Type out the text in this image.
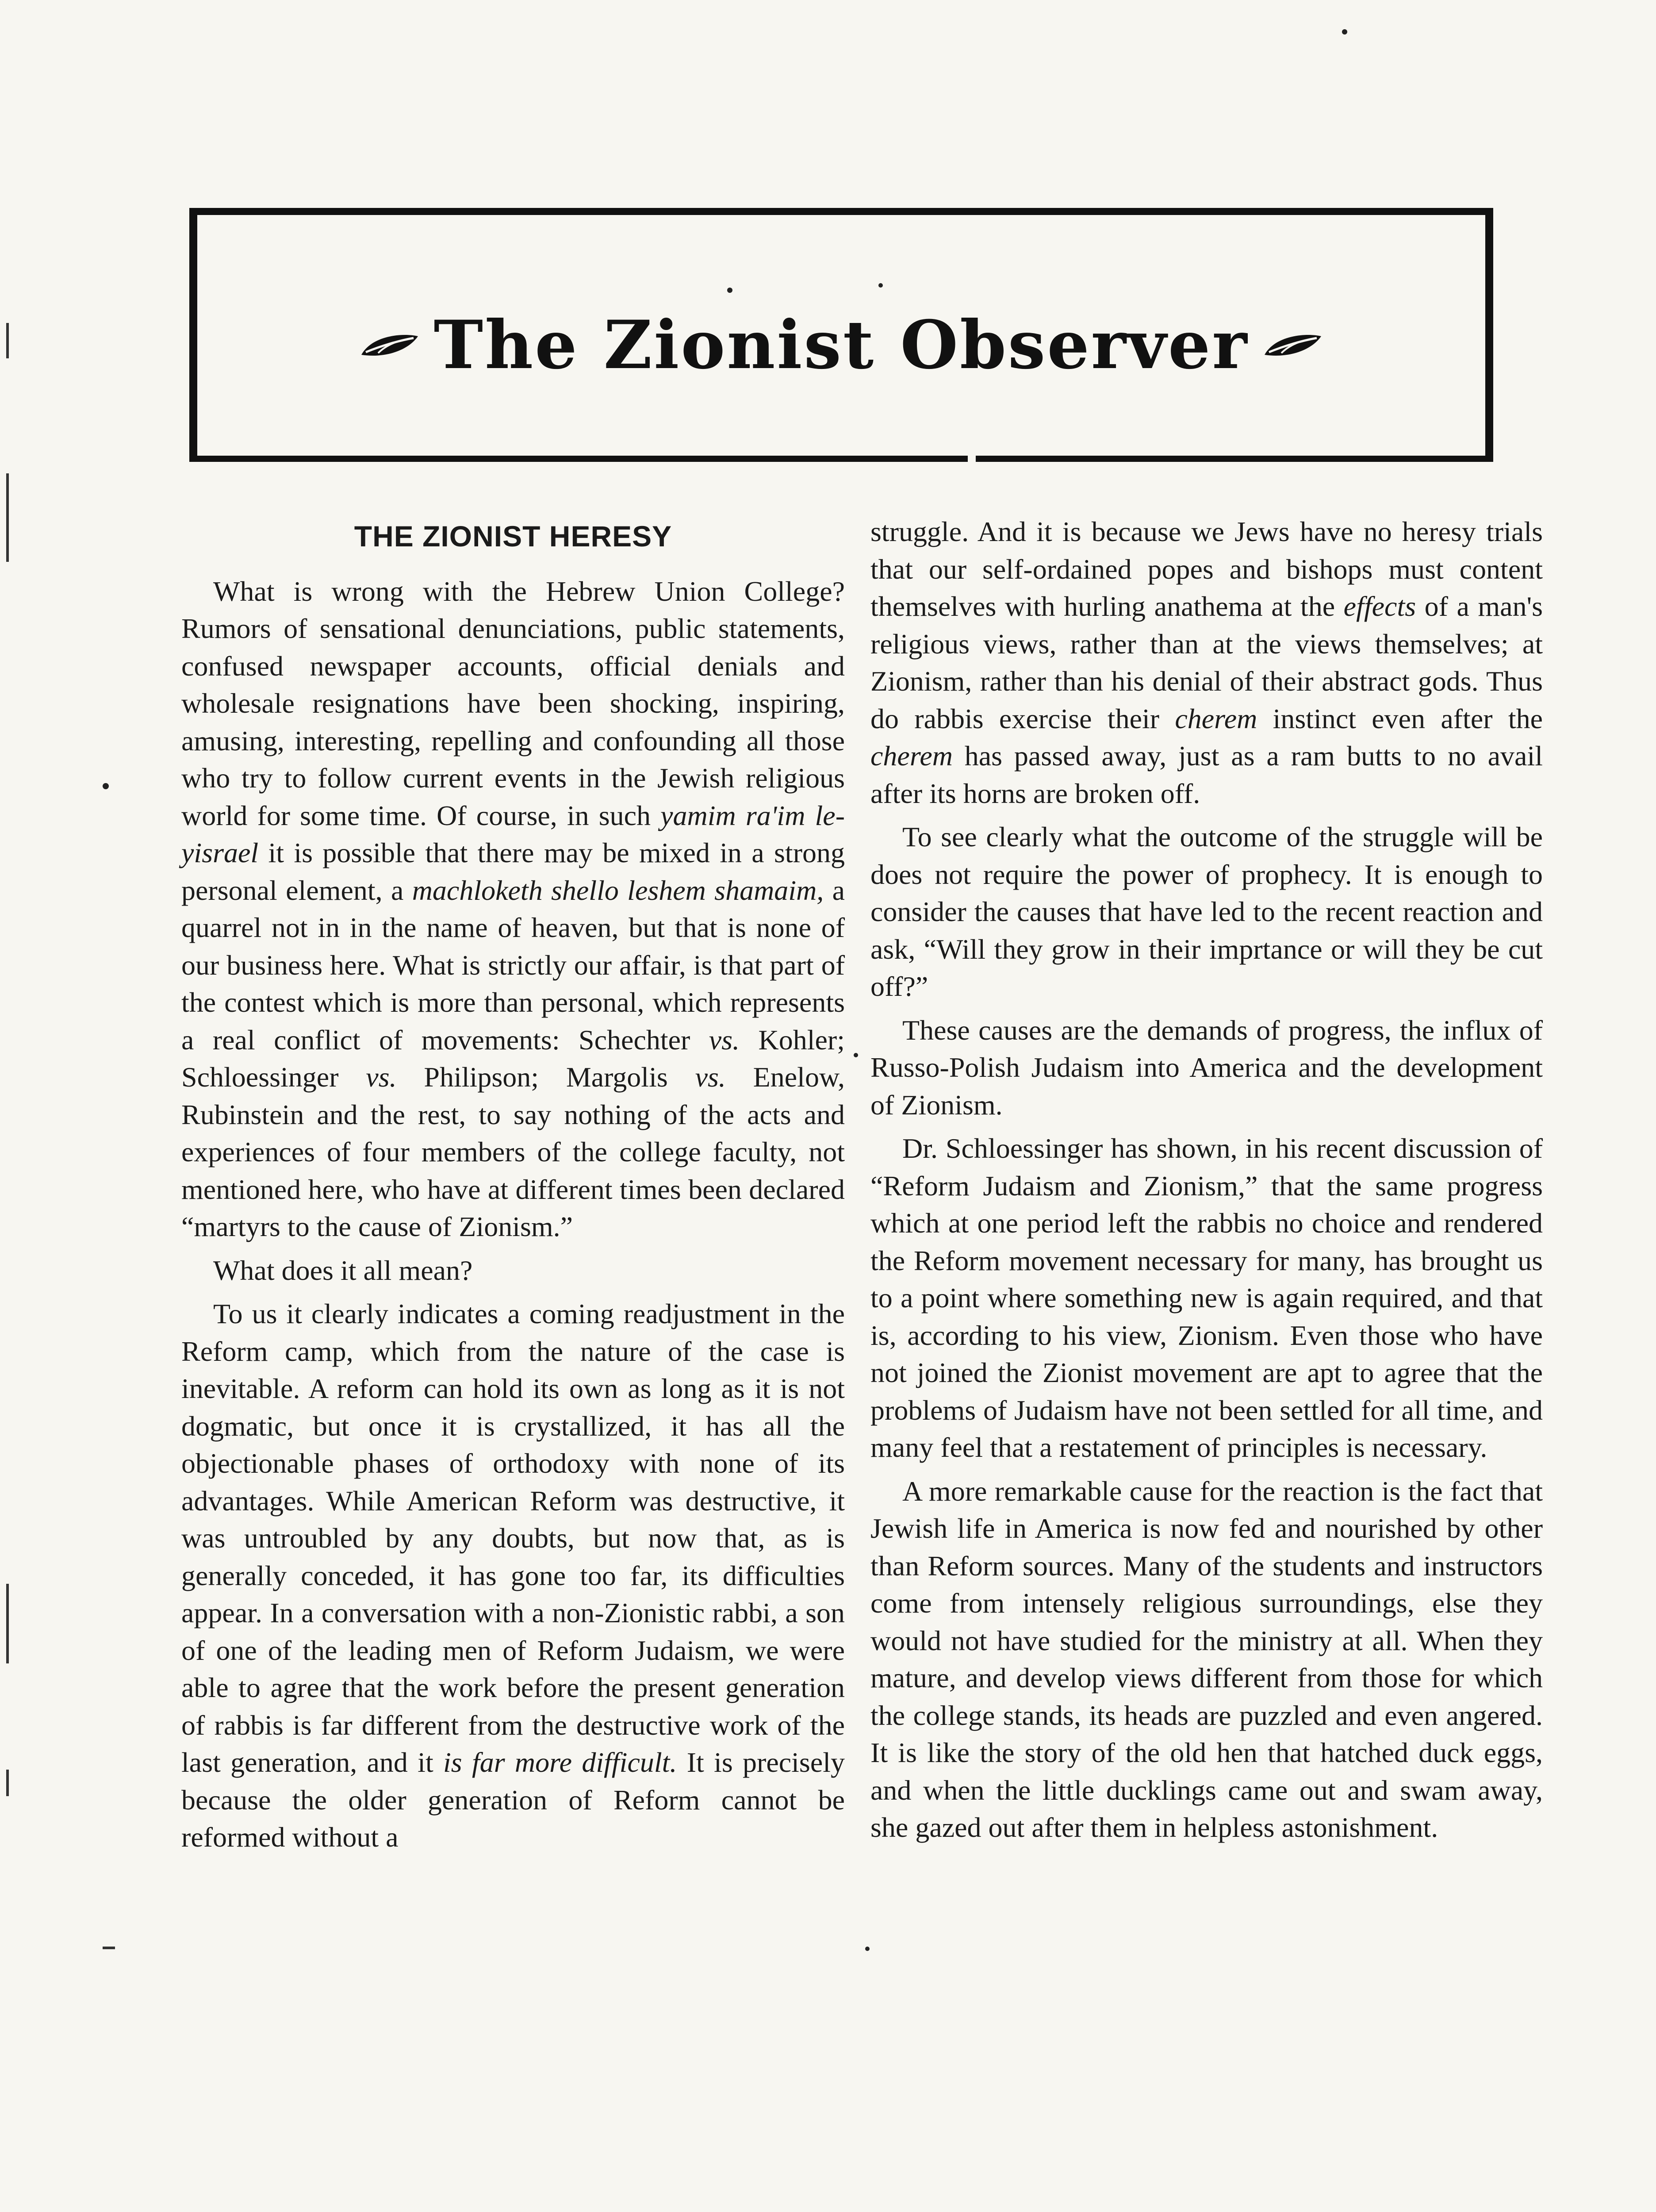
The Zionist Observer
THE ZIONIST HERESY

What is wrong with the Hebrew Union College? Rumors of sensational denunciations, public statements, confused newspaper accounts, official denials and wholesale resignations have been shocking, inspiring, amusing, interesting, repelling and confounding all those who try to follow current events in the Jewish religious world for some time. Of course, in such yamim ra'im le-yisrael it is possible that there may be mixed in a strong personal element, a machloketh shello leshem shamaim, a quarrel not in in the name of heaven, but that is none of our business here. What is strictly our affair, is that part of the contest which is more than personal, which represents a real conflict of movements: Schechter vs. Kohler; Schloessinger vs. Philipson; Margolis vs. Enelow, Rubinstein and the rest, to say nothing of the acts and experiences of four members of the college faculty, not mentioned here, who have at different times been declared “martyrs to the cause of Zionism.”

What does it all mean?

To us it clearly indicates a coming readjustment in the Reform camp, which from the nature of the case is inevitable. A reform can hold its own as long as it is not dogmatic, but once it is crystallized, it has all the objectionable phases of orthodoxy with none of its advantages. While American Reform was destructive, it was untroubled by any doubts, but now that, as is generally conceded, it has gone too far, its difficulties appear. In a conversation with a non-Zionistic rabbi, a son of one of the leading men of Reform Judaism, we were able to agree that the work before the present generation of rabbis is far different from the destructive work of the last generation, and it is far more difficult. It is precisely because the older generation of Reform cannot be reformed without a

struggle. And it is because we Jews have no heresy trials that our self-ordained popes and bishops must content themselves with hurling anathema at the effects of a man's religious views, rather than at the views themselves; at Zionism, rather than his denial of their abstract gods. Thus do rabbis exercise their cherem instinct even after the cherem has passed away, just as a ram butts to no avail after its horns are broken off.

To see clearly what the outcome of the struggle will be does not require the power of prophecy. It is enough to consider the causes that have led to the recent reaction and ask, “Will they grow in their imprtance or will they be cut off?”

These causes are the demands of progress, the influx of Russo-Polish Judaism into America and the development of Zionism.

Dr. Schloessinger has shown, in his recent discussion of “Reform Judaism and Zionism,” that the same progress which at one period left the rabbis no choice and rendered the Reform movement necessary for many, has brought us to a point where something new is again required, and that is, according to his view, Zionism. Even those who have not joined the Zionist movement are apt to agree that the problems of Judaism have not been settled for all time, and many feel that a restatement of principles is necessary.

A more remarkable cause for the reaction is the fact that Jewish life in America is now fed and nourished by other than Reform sources. Many of the students and instructors come from intensely religious surroundings, else they would not have studied for the ministry at all. When they mature, and develop views different from those for which the college stands, its heads are puzzled and even angered. It is like the story of the old hen that hatched duck eggs, and when the little ducklings came out and swam away, she gazed out after them in helpless astonishment.
